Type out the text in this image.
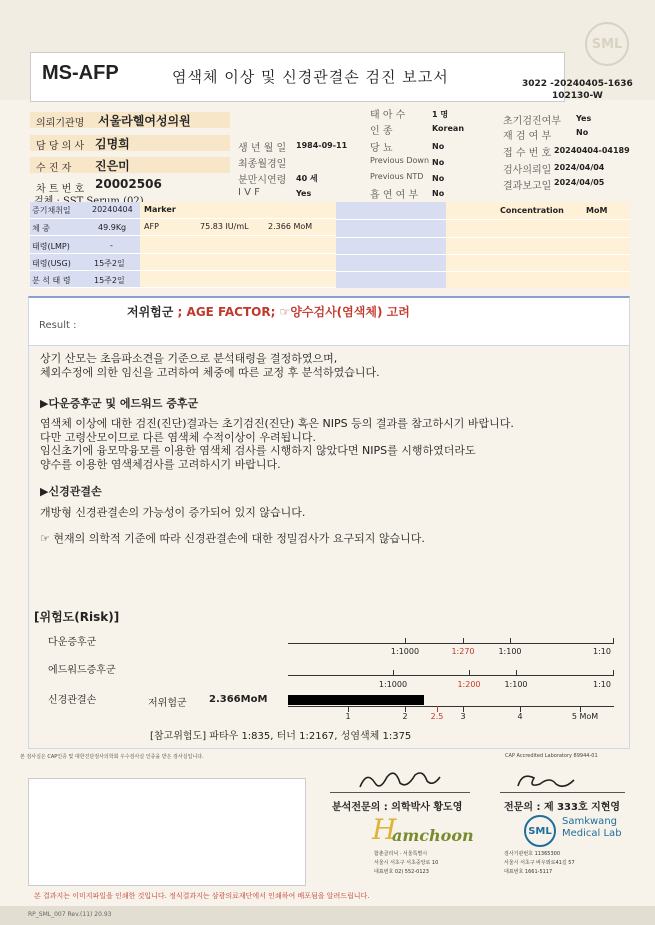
SML
MS-AFP	염색체 이상 및 신경관결손 검진 보고서	3022 -20240405-1636
102130-W
의뢰기관명 서울라헬여성의원
담 당 의 사 김명희
수 진 자 진은미
차 트 번 호 20002506
생 년 월 일 1984-09-11
최종월경일
분만시연령 40 세
I V F	Yes
태 아 수	1 명
인 종	Korean
당 뇨	No
Previous Down No
Previous NTD No
흡 연 여 부 No
초기검진여부 Yes
재 검 여 부	No
접 수 번 호 20240404-04189
검사의뢰일 2024/04/04
결과보고일 2024/04/05
증기채취일	20240404 Marker
체 중	49.9Kg AFP	75.83 IU/mL 2.366 MoM
태령(LMP)	-
태령(USG)	15주2일
분 석 태 령	15주2일
Concentration	MoM
Result :
저위험군 ; AGE FACTOR; ☞양수검사(염색체) 고려
상기 산모는 초음파소견을 기준으로 분석태령을 결정하였으며,
체외수정에 의한 임신을 고려하여 체중에 따른 교정 후 분석하였습니다.
▶다운증후군 및 에드워드 증후군
염색체 이상에 대한 검진(진단)결과는 초기검진(진단) 혹은 NIPS 등의 결과를 참고하시기 바랍니다.
다만 고령산모이므로 다른 염색체 수적이상이 우려됩니다.
임신초기에 융모막융모를 이용한 염색체 검사를 시행하지 않았다면 NIPS를 시행하였더라도
양수를 이용한 염색체검사를 고려하시기 바랍니다.
▶신경관결손
개방형 신경관결손의 가능성이 증가되어 있지 않습니다.
☞ 현재의 의학적 기준에 따라 신경관결손에 대한 정밀검사가 요구되지 않습니다.
[위험도(Risk)]
다운증후군
에드워드증후군
신경관결손	저위험군 2.366MoM
1:1000	1:270	1:100	1:10
1:1000	1:200	1:100	1:10
1	2	2.5 3	4	5 MoM
[참고위험도] 파타우 1:835, 터너 1:2167, 성염색체 1:375
본 검사실은 CAP인증 및 대한진단검사의학회 우수검사실 인증을 받은 검사실입니다.	CAP Accredited Laboratory 89944-01
분석전문의 : 의학박사 황도영	전문의 : 제 333호 지현영
H
amchoon
함춘클리닉 · 서울특별시
서울시 서초구 서초중앙로 10
대표번호 02) 552-0123
SML
Samkwang
Medical Lab
검사기관번호 11365300
서울시 서초구 바우뫼로41길 57
대표번호 1661-5117
본 결과지는 이미지파일을 인쇄한 것입니다. 정식결과지는 삼광의료재단에서 인쇄하여 배포됨을 알려드립니다.
RP_SML_007 Rev.(11) 20.93
